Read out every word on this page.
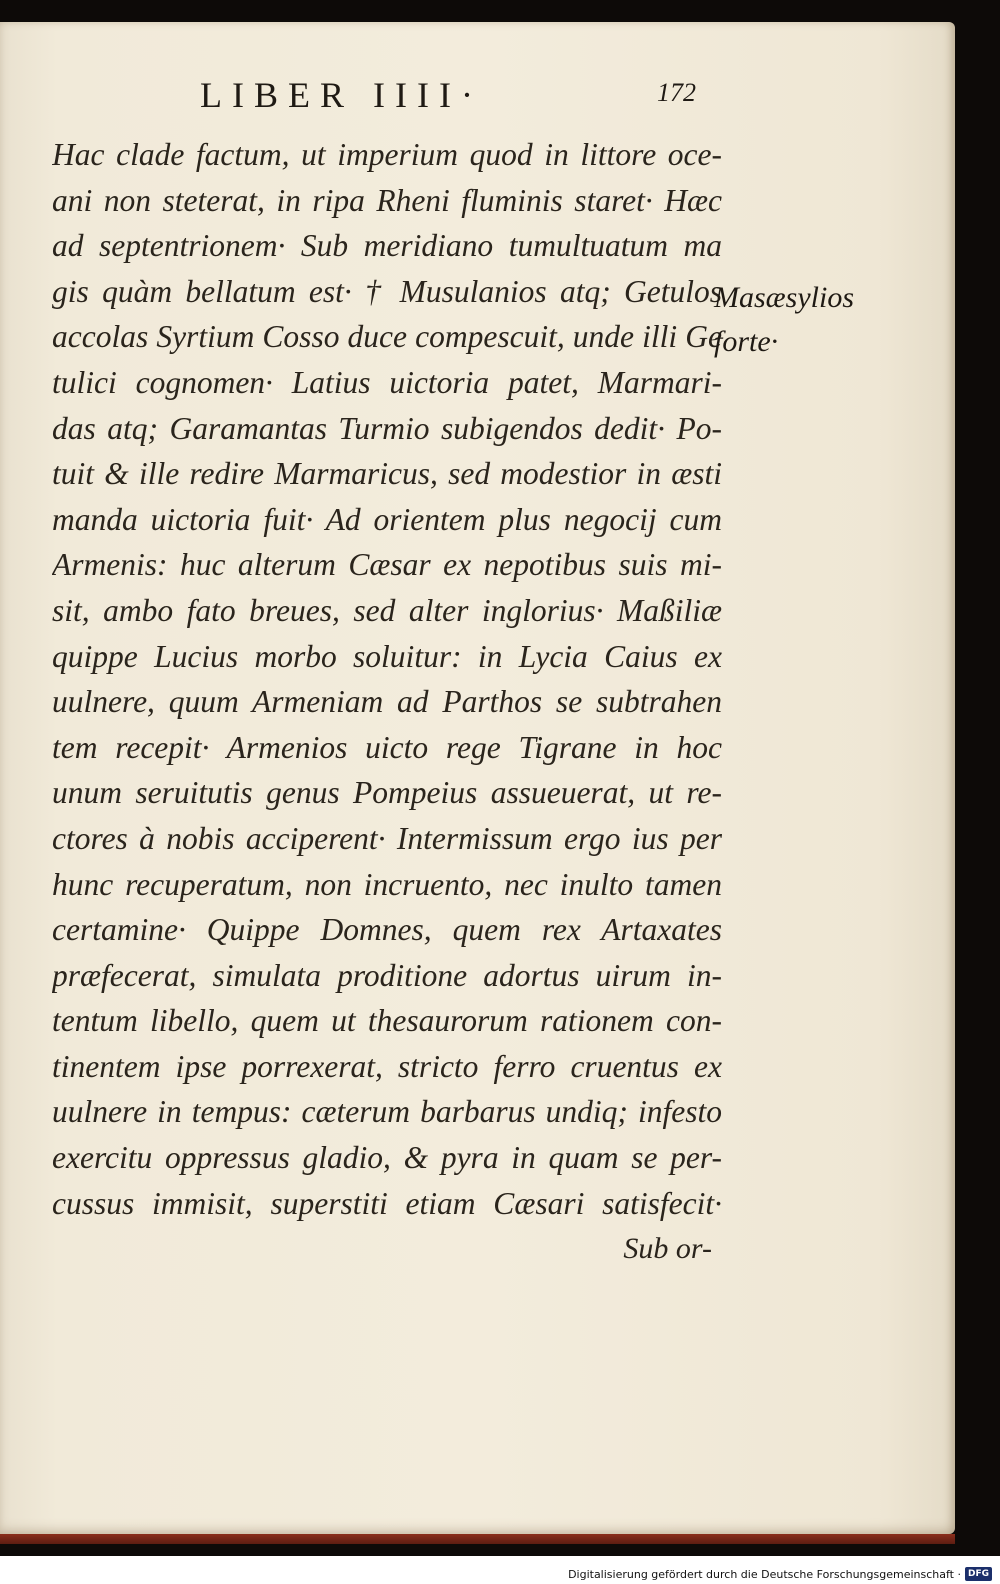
LIBER IIII·	172
Hac clade factum, ut imperium quod in littore oce-
ani non steterat, in ripa Rheni fluminis staret· Hæc
ad septentrionem· Sub meridiano tumultuatum ma
gis quàm bellatum est· † Musulanios atq; Getulos
accolas Syrtium Cosso duce compescuit, unde illi Ge
tulici cognomen· Latius uictoria patet, Marmari-
das atq; Garamantas Turmio subigendos dedit· Po-
tuit & ille redire Marmaricus, sed modestior in æsti
manda uictoria fuit· Ad orientem plus negocij cum
Armenis: huc alterum Cæsar ex nepotibus suis mi-
sit, ambo fato breues, sed alter inglorius· Maßiliæ
quippe Lucius morbo soluitur: in Lycia Caius ex
uulnere, quum Armeniam ad Parthos se subtrahen
tem recepit· Armenios uicto rege Tigrane in hoc
unum seruitutis genus Pompeius assueuerat, ut re-
ctores à nobis acciperent· Intermissum ergo ius per
hunc recuperatum, non incruento, nec inulto tamen
certamine· Quippe Domnes, quem rex Artaxates
præfecerat, simulata proditione adortus uirum in-
tentum libello, quem ut thesaurorum rationem con-
tinentem ipse porrexerat, stricto ferro cruentus ex
uulnere in tempus: cæterum barbarus undiq; infesto
exercitu oppressus gladio, & pyra in quam se per-
cussus immisit, superstiti etiam Cæsari satisfecit·
Sub or-
Masæsylios
forte·
Digitalisierung gefördert durch die Deutsche Forschungsgemeinschaft · DFG
